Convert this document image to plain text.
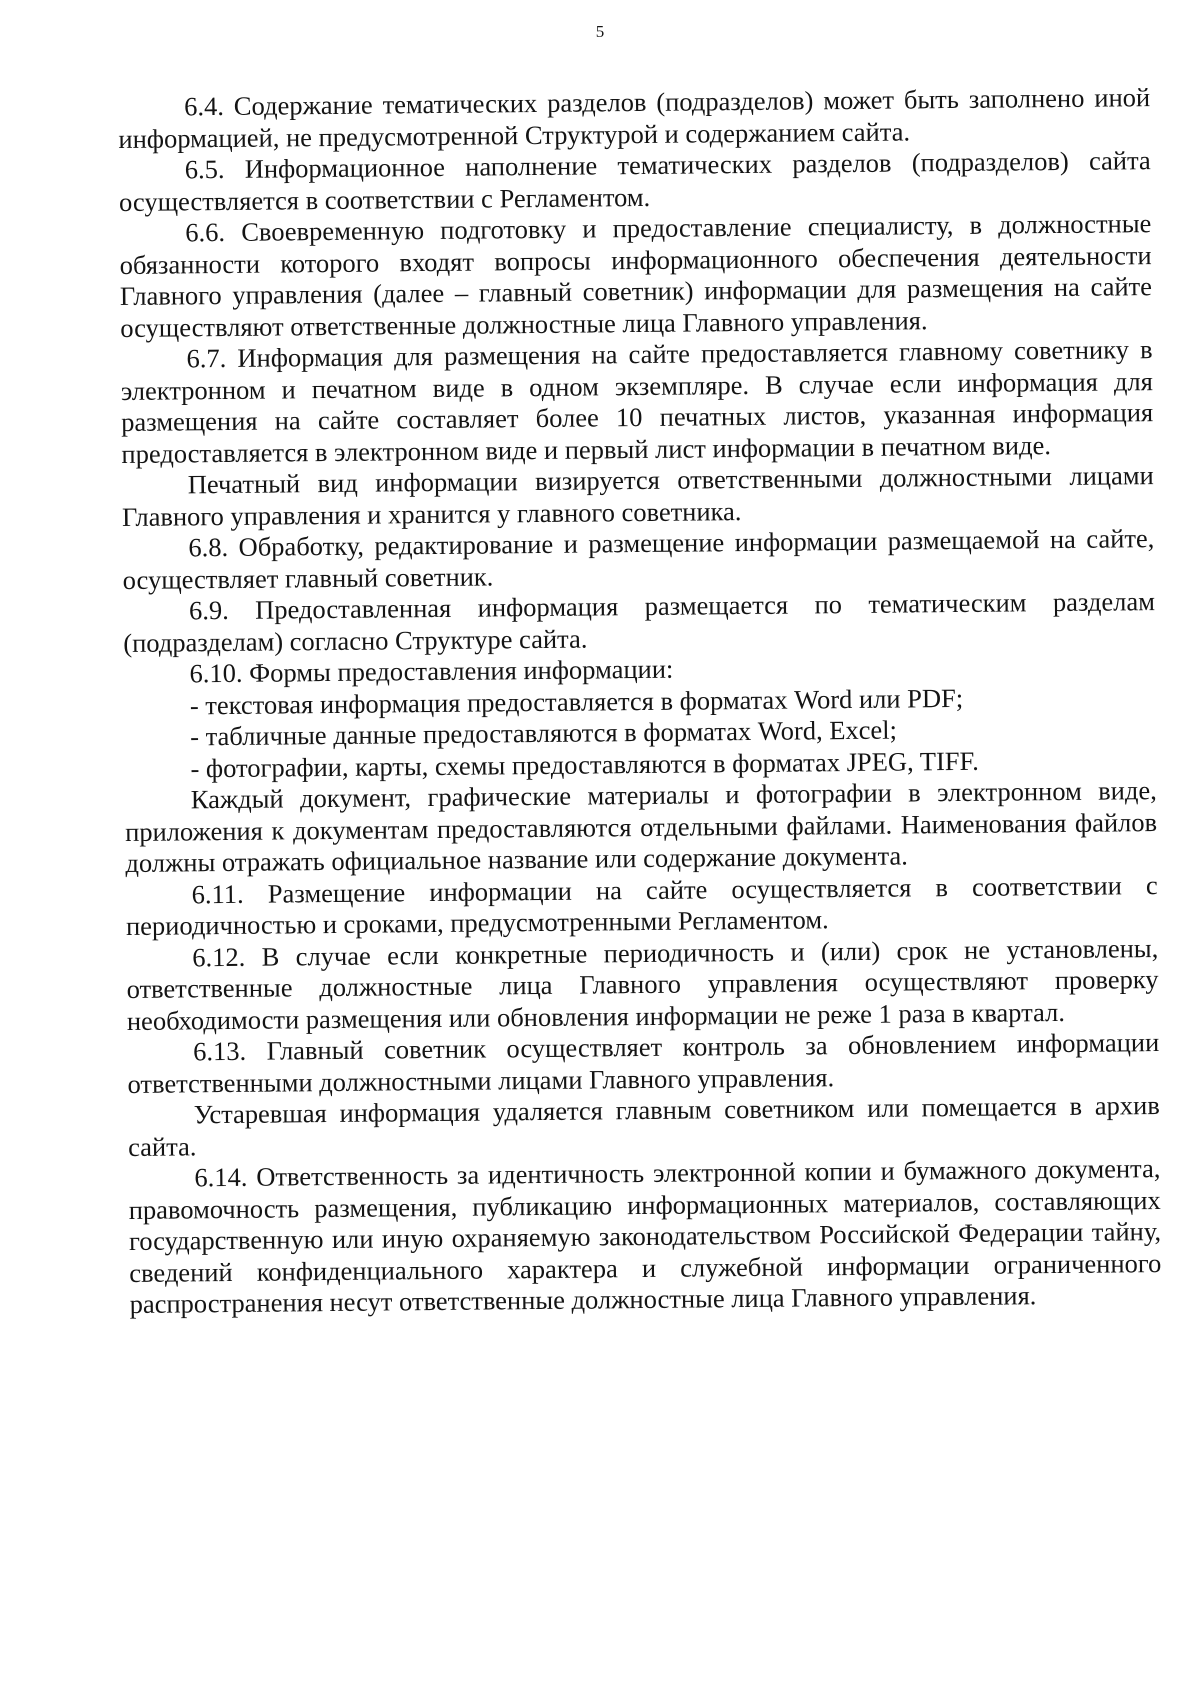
5

6.4. Содержание тематических разделов (подразделов) может быть заполнено иной информацией, не предусмотренной Структурой и содержанием сайта.

6.5. Информационное наполнение тематических разделов (подразделов) сайта осуществляется в соответствии с Регламентом.

6.6. Своевременную подготовку и предоставление специалисту, в должностные обязанности которого входят вопросы информационного обеспечения деятельности Главного управления (далее – главный советник) информации для размещения на сайте осуществляют ответственные должностные лица Главного управления.

6.7. Информация для размещения на сайте предоставляется главному советнику в электронном и печатном виде в одном экземпляре. В случае если информация для размещения на сайте составляет более 10 печатных листов, указанная информация предоставляется в электронном виде и первый лист информации в печатном виде.

Печатный вид информации визируется ответственными должностными лицами Главного управления и хранится у главного советника.

6.8. Обработку, редактирование и размещение информации размещаемой на сайте, осуществляет главный советник.

6.9. Предоставленная информация размещается по тематическим разделам (подразделам) согласно Структуре сайта.

6.10. Формы предоставления информации:

- текстовая информация предоставляется в форматах Word или PDF;

- табличные данные предоставляются в форматах Word, Excel;

- фотографии, карты, схемы предоставляются в форматах JPEG, TIFF.

Каждый документ, графические материалы и фотографии в электронном виде, приложения к документам предоставляются отдельными файлами. Наименования файлов должны отражать официальное название или содержание документа.

6.11. Размещение информации на сайте осуществляется в соответствии с периодичностью и сроками, предусмотренными Регламентом.

6.12. В случае если конкретные периодичность и (или) срок не установлены, ответственные должностные лица Главного управления осуществляют проверку необходимости размещения или обновления информации не реже 1 раза в квартал.

6.13. Главный советник осуществляет контроль за обновлением информации ответственными должностными лицами Главного управления.

Устаревшая информация удаляется главным советником или помещается в архив сайта.

6.14. Ответственность за идентичность электронной копии и бумажного документа, правомочность размещения, публикацию информационных материалов, составляющих государственную или иную охраняемую законодательством Российской Федерации тайну, сведений конфиденциального характера и служебной информации ограниченного распространения несут ответственные должностные лица Главного управления.
